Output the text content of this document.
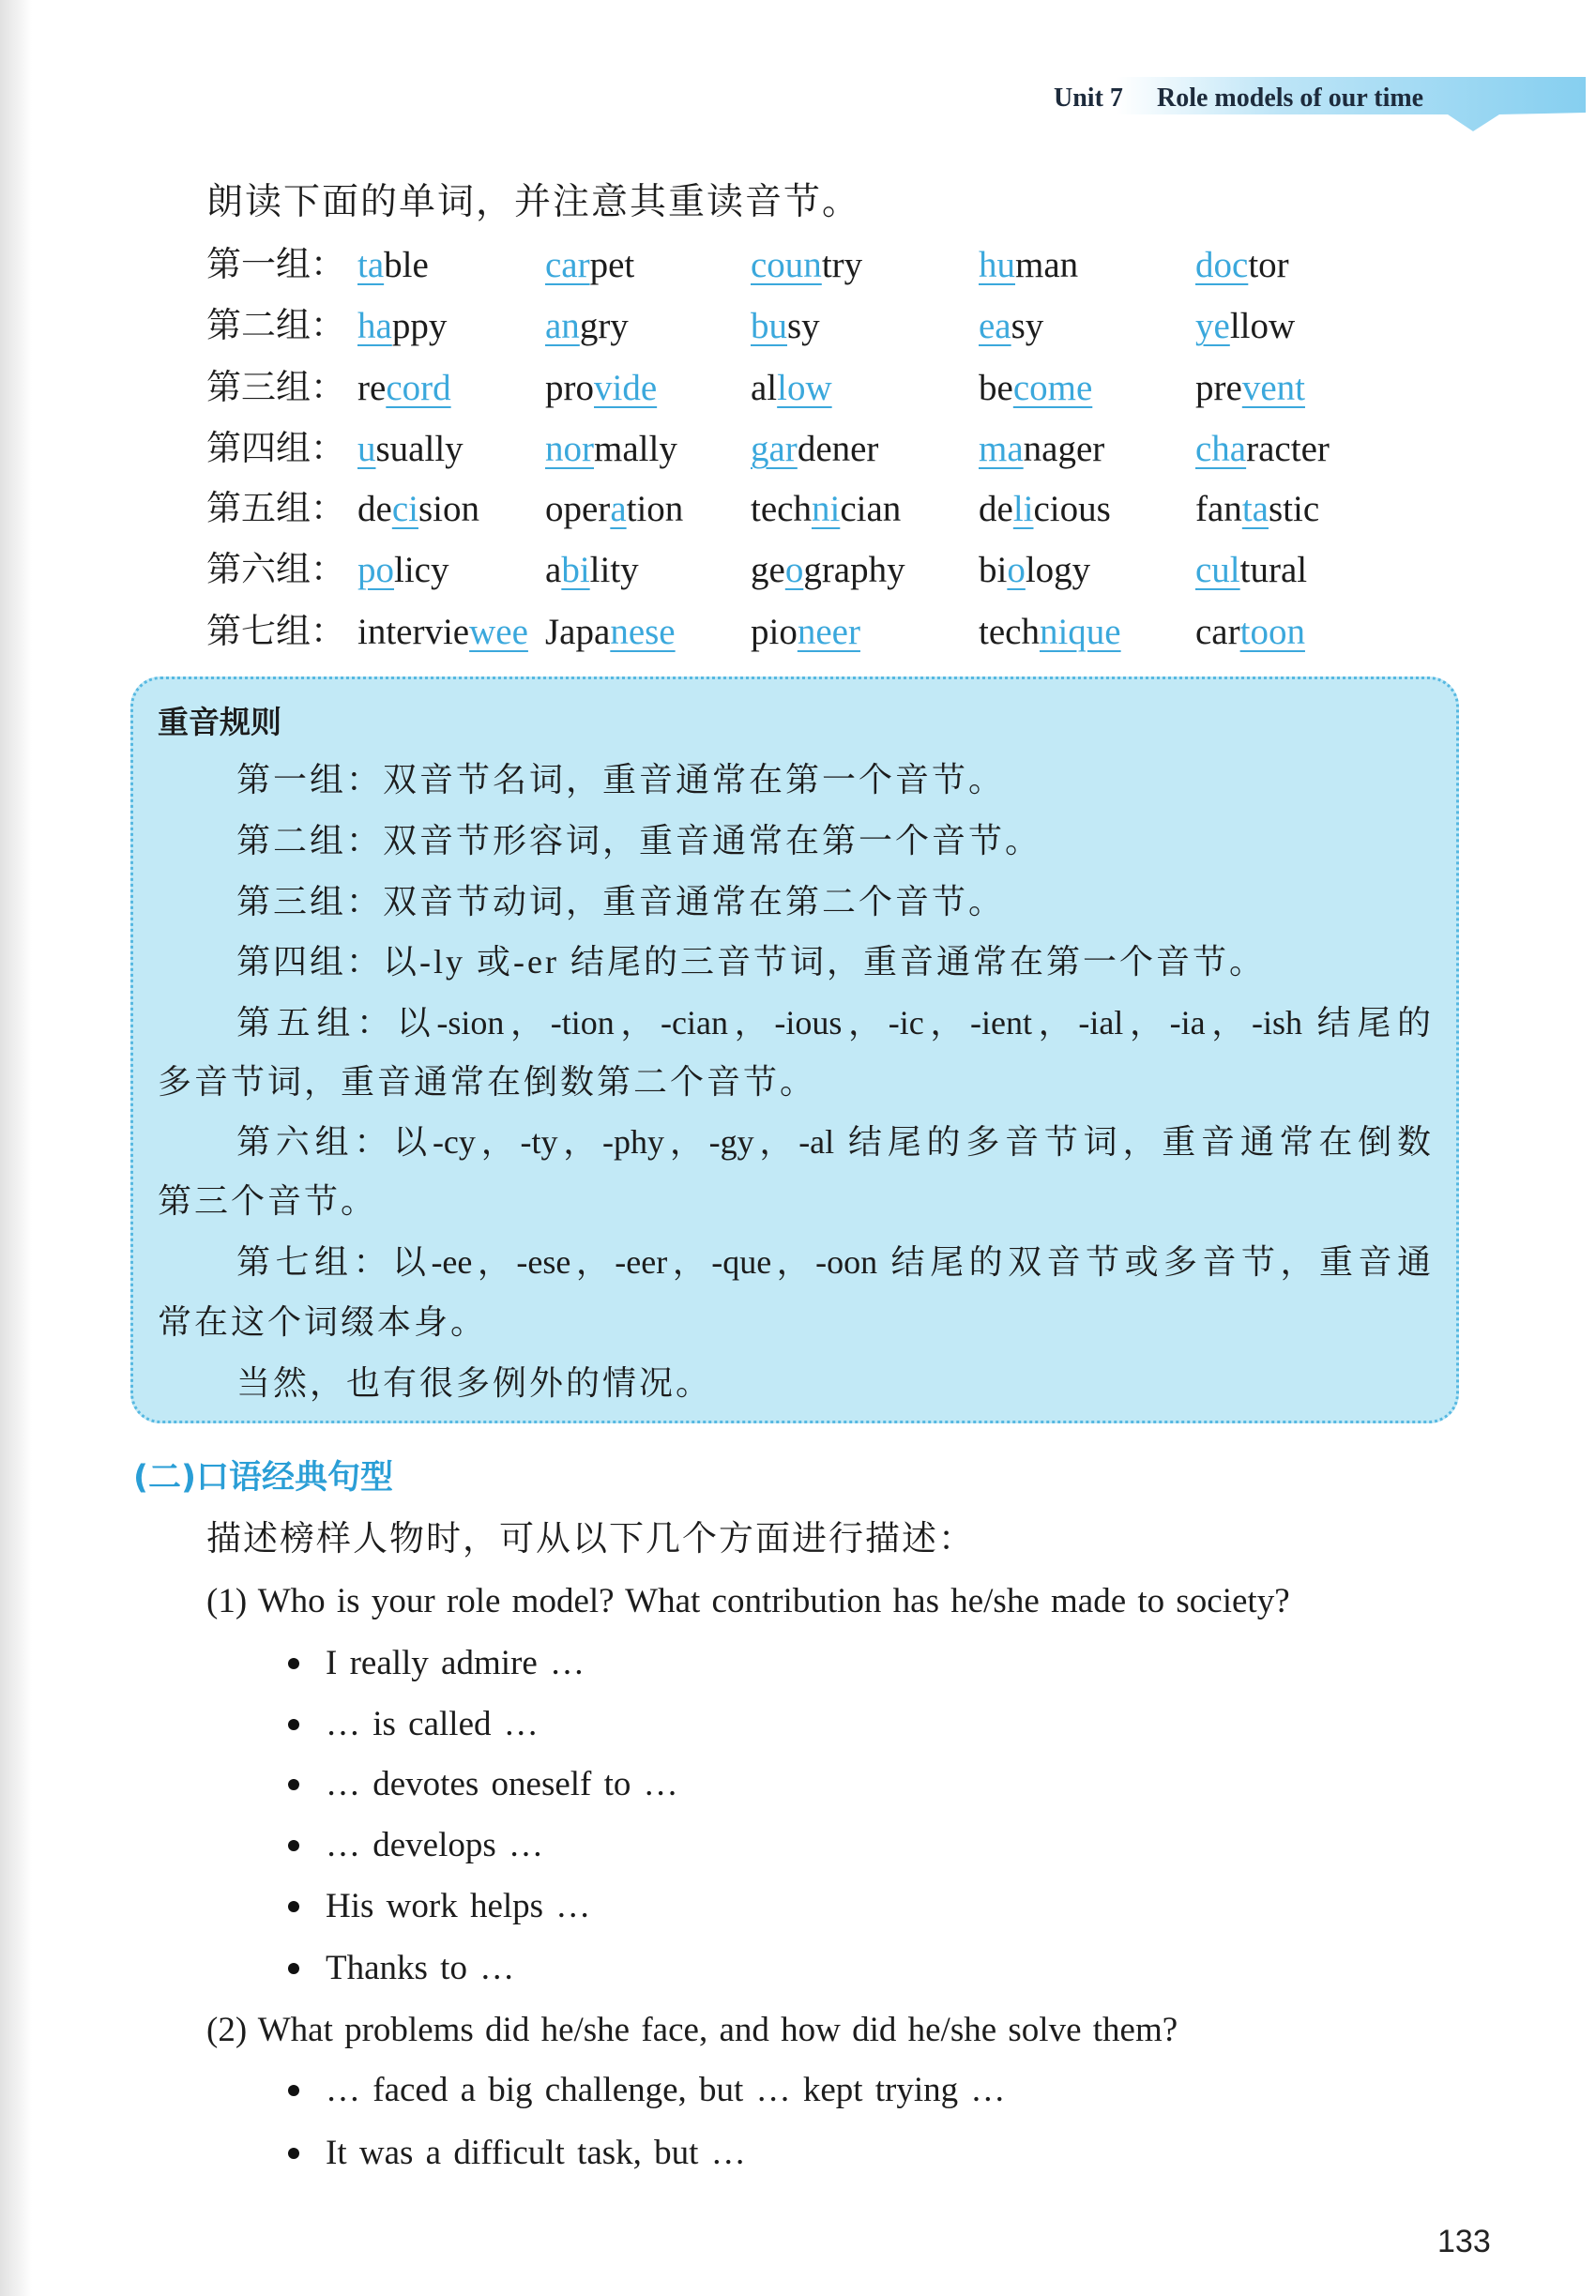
Unit 7 Role models of our time
朗读下面的单词，并注意其重读音节。
第一组： table	carpet	country	human	doctor
第二组： happy	angry	busy	easy	yellow
第三组： record	provide	allow	become	prevent
第四组： usually normally gardener	manager character
第五组： decision operation technician delicious fantastic
第六组： policy	ability	geography biology	cultural
第七组： interviewee Japanese pioneer	technique cartoon
重音规则
第一组：双音节名词，重音通常在第一个音节。
第二组：双音节形容词，重音通常在第一个音节。
第三组：双音节动词，重音通常在第二个音节。
第四组：以-ly 或-er 结尾的三音节词，重音通常在第一个音节。
第五组：以-sion，-tion，-cian，-ious，-ic，-ient，-ial，-ia，-ish 结尾的
多音节词，重音通常在倒数第二个音节。
第六组：以-cy，-ty，-phy，-gy，-al 结尾的多音节词，重音通常在倒数
第三个音节。
第七组：以-ee，-ese，-eer，-que，-oon 结尾的双音节或多音节，重音通
常在这个词缀本身。
当然，也有很多例外的情况。
(二)口语经典句型
描述榜样人物时，可从以下几个方面进行描述：
(1) Who is your role model? What contribution has he/she made to society?
I really admire …
… is called …
… devotes oneself to …
… develops …
His work helps …
Thanks to …
(2) What problems did he/she face, and how did he/she solve them?
… faced a big challenge, but … kept trying …
It was a difficult task, but …
133
